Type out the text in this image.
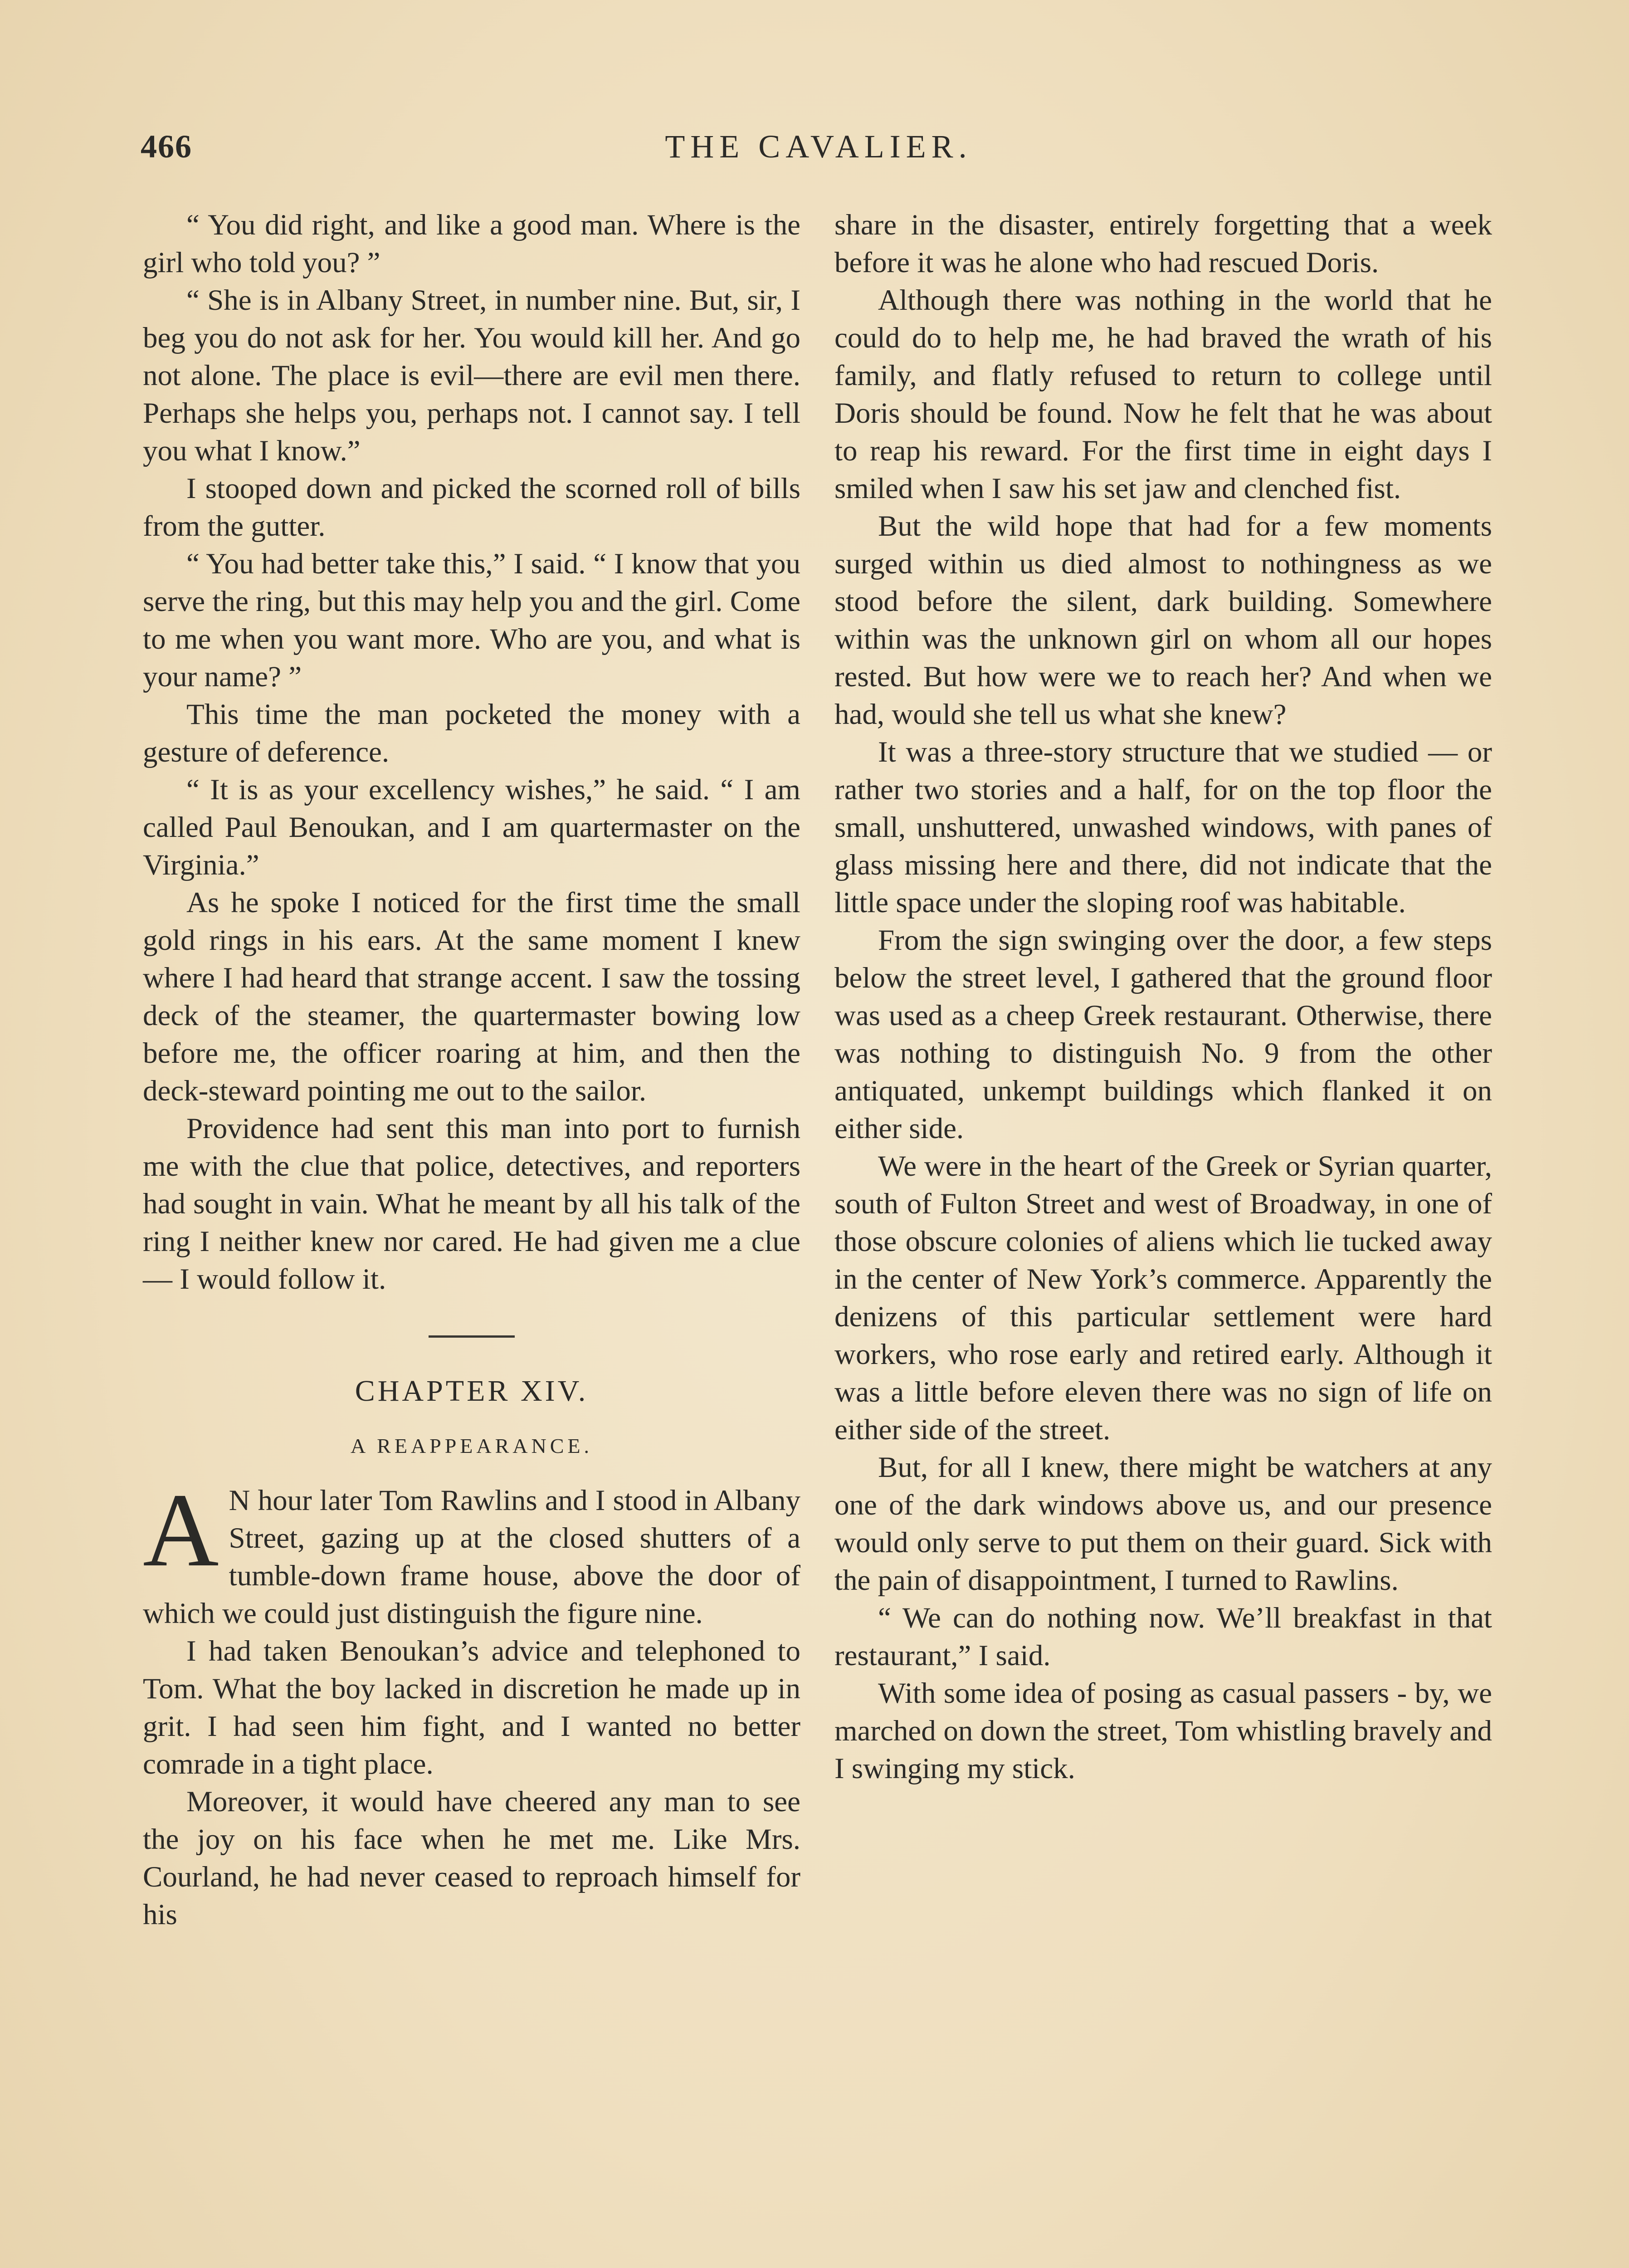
466	THE CAVALIER.

“ You did right, and like a good man. Where is the girl who told you? ”

“ She is in Albany Street, in number nine. But, sir, I beg you do not ask for her. You would kill her. And go not alone. The place is evil—there are evil men there. Perhaps she helps you, perhaps not. I cannot say. I tell you what I know.”

I stooped down and picked the scorned roll of bills from the gutter.

“ You had better take this,” I said. “ I know that you serve the ring, but this may help you and the girl. Come to me when you want more. Who are you, and what is your name? ”

This time the man pocketed the money with a gesture of deference.

“ It is as your excellency wishes,” he said. “ I am called Paul Benoukan, and I am quartermaster on the Virginia.”

As he spoke I noticed for the first time the small gold rings in his ears. At the same moment I knew where I had heard that strange accent. I saw the tossing deck of the steamer, the quartermaster bowing low before me, the officer roaring at him, and then the deck-steward pointing me out to the sailor.

Providence had sent this man into port to furnish me with the clue that police, detectives, and reporters had sought in vain. What he meant by all his talk of the ring I neither knew nor cared. He had given me a clue — I would follow it.

CHAPTER XIV.
A REAPPEARANCE.

A N hour later Tom Rawlins and I stood in Albany Street, gazing up at the closed shutters of a tumble-down frame house, above the door of which we could just distinguish the figure nine.

I had taken Benoukan’s advice and telephoned to Tom. What the boy lacked in discretion he made up in grit. I had seen him fight, and I wanted no better comrade in a tight place.

Moreover, it would have cheered any man to see the joy on his face when he met me. Like Mrs. Courland, he had never ceased to reproach himself for his

share in the disaster, entirely forgetting that a week before it was he alone who had rescued Doris.

Although there was nothing in the world that he could do to help me, he had braved the wrath of his family, and flatly refused to return to college until Doris should be found. Now he felt that he was about to reap his reward. For the first time in eight days I smiled when I saw his set jaw and clenched fist.

But the wild hope that had for a few moments surged within us died almost to nothingness as we stood before the silent, dark building. Somewhere within was the unknown girl on whom all our hopes rested. But how were we to reach her? And when we had, would she tell us what she knew?

It was a three-story structure that we studied — or rather two stories and a half, for on the top floor the small, unshuttered, unwashed windows, with panes of glass missing here and there, did not indicate that the little space under the sloping roof was habitable.

From the sign swinging over the door, a few steps below the street level, I gathered that the ground floor was used as a cheep Greek restaurant. Otherwise, there was nothing to distinguish No. 9 from the other antiquated, unkempt buildings which flanked it on either side.

We were in the heart of the Greek or Syrian quarter, south of Fulton Street and west of Broadway, in one of those obscure colonies of aliens which lie tucked away in the center of New York’s commerce. Apparently the denizens of this particular settlement were hard workers, who rose early and retired early. Although it was a little before eleven there was no sign of life on either side of the street.

But, for all I knew, there might be watchers at any one of the dark windows above us, and our presence would only serve to put them on their guard. Sick with the pain of disappointment, I turned to Rawlins.

“ We can do nothing now. We’ll breakfast in that restaurant,” I said.

With some idea of posing as casual passers - by, we marched on down the street, Tom whistling bravely and I swinging my stick.
